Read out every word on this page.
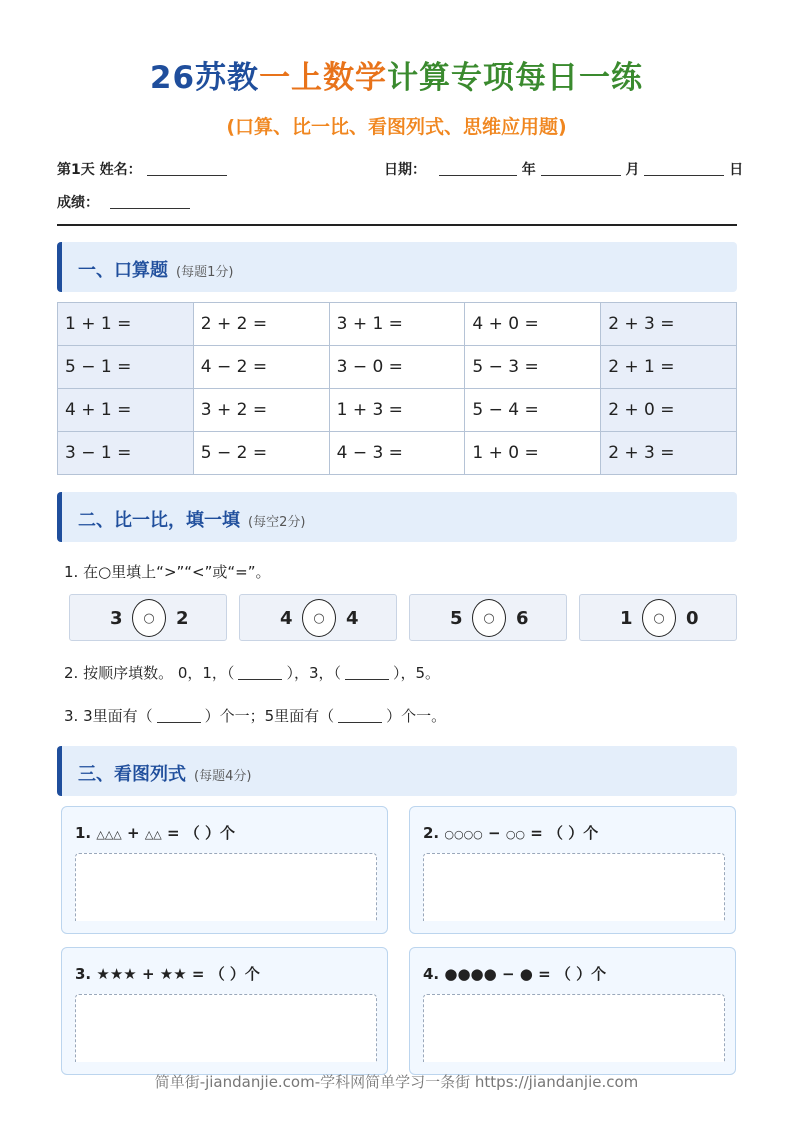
26苏教一上数学计算专项每日一练
(口算、比一比、看图列式、思维应用题)
第1天 姓名：	日期：	年	月	日
成绩：
一、口算题 (每题1分)
1 + 1 =	2 + 2 =	3 + 1 =	4 + 0 =	2 + 3 =
5 − 1 =	4 − 2 =	3 − 0 =	5 − 3 =	2 + 1 =
4 + 1 =	3 + 2 =	1 + 3 =	5 − 4 =	2 + 0 =
3 − 1 =	5 − 2 =	4 − 3 =	1 + 0 =	2 + 3 =
二、比一比，填一填 (每空2分)
1. 在○里填上“>”“<”或“=”。
3	○	2	4	○	4	5	○	6	1	○	0
2. 按顺序填数。 0，1，（	），3，（	），5。
3. 3里面有（	）个一；5里面有（	）个一。
三、看图列式 (每题4分)
1. △△△ + △△ = （ ）个	2. ○○○○ − ○○ = （ ）个
3. ★★★ + ★★ = （ ）个	4. ●●●● − ● = （ ）个
简单街-jiandanjie.com-学科网简单学习一条街 https://jiandanjie.com
